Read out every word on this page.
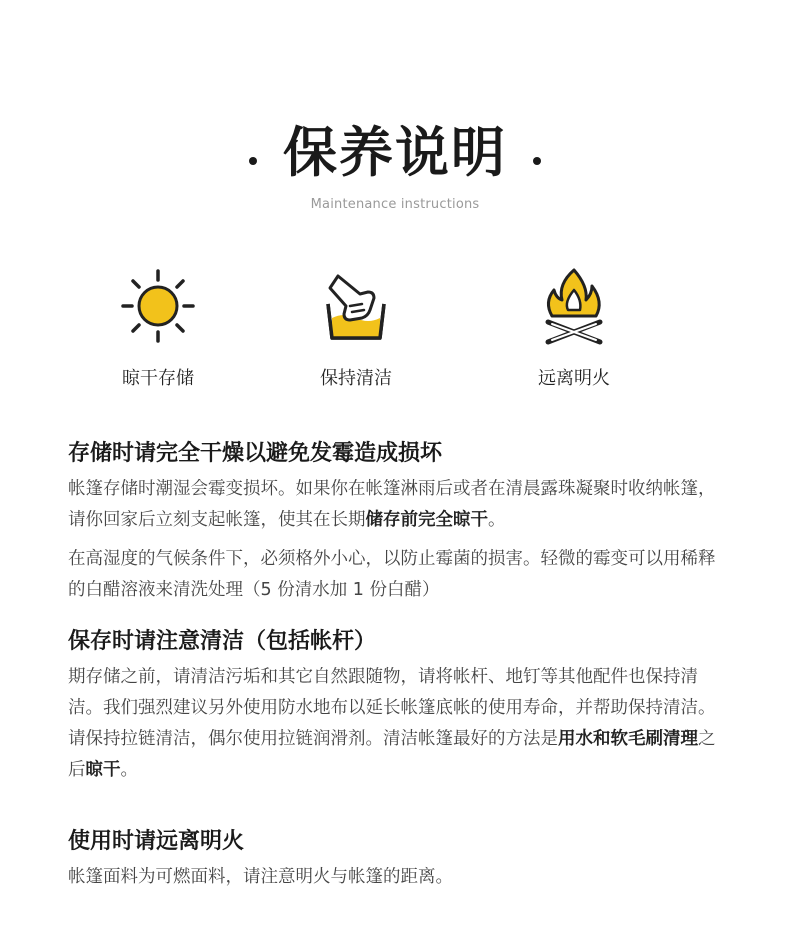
保养说明
Maintenance instructions
晾干存储	保持清洁	远离明火
存储时请完全干燥以避免发霉造成损坏

帐篷存储时潮湿会霉变损坏。如果你在帐篷淋雨后或者在清晨露珠凝聚时收纳帐篷，请你回家后立刻支起帐篷，使其在长期储存前完全晾干。

在高湿度的气候条件下，必须格外小心，以防止霉菌的损害。轻微的霉变可以用稀释的白醋溶液来清洗处理（5 份清水加 1 份白醋）

保存时请注意清洁（包括帐杆）

期存储之前，请清洁污垢和其它自然跟随物，请将帐杆、地钉等其他配件也保持清洁。我们强烈建议另外使用防水地布以延长帐篷底帐的使用寿命，并帮助保持清洁。请保持拉链清洁，偶尔使用拉链润滑剂。清洁帐篷最好的方法是用水和软毛刷清理之后晾干。

使用时请远离明火

帐篷面料为可燃面料，请注意明火与帐篷的距离。
